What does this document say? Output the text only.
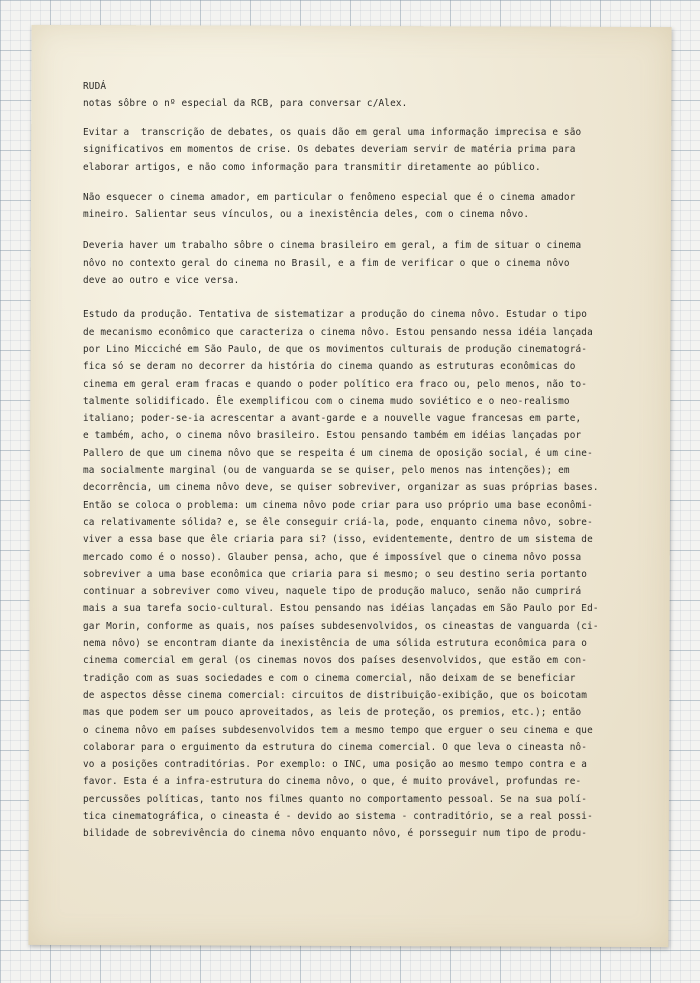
RUDÁ
notas sôbre o nº especial da RCB, para conversar c/Alex.
Evitar a  transcrição de debates, os quais dão em geral uma informação imprecisa e são
significativos em momentos de crise. Os debates deveriam servir de matéria prima para
elaborar artigos, e não como informação para transmitir diretamente ao público.
Não esquecer o cinema amador, em particular o fenômeno especial que é o cinema amador
mineiro. Salientar seus vínculos, ou a inexistência deles, com o cinema nôvo.
Deveria haver um trabalho sôbre o cinema brasileiro em geral, a fim de situar o cinema
nôvo no contexto geral do cinema no Brasil, e a fim de verificar o que o cinema nôvo
deve ao outro e vice versa.
Estudo da produção. Tentativa de sistematizar a produção do cinema nôvo. Estudar o tipo
de mecanismo econômico que caracteriza o cinema nôvo. Estou pensando nessa idéia lançada
por Lino Micciché em São Paulo, de que os movimentos culturais de produção cinematográ-
fica só se deram no decorrer da história do cinema quando as estruturas econômicas do
cinema em geral eram fracas e quando o poder político era fraco ou, pelo menos, não to-
talmente solidificado. Êle exemplificou com o cinema mudo soviético e o neo-realismo
italiano; poder-se-ia acrescentar a avant-garde e a nouvelle vague francesas em parte,
e também, acho, o cinema nôvo brasileiro. Estou pensando também em idéias lançadas por
Pallero de que um cinema nôvo que se respeita é um cinema de oposição social, é um cine-
ma socialmente marginal (ou de vanguarda se se quiser, pelo menos nas intenções); em
decorrência, um cinema nôvo deve, se quiser sobreviver, organizar as suas próprias bases.
Então se coloca o problema: um cinema nôvo pode criar para uso próprio uma base econômi-
ca relativamente sólida? e, se êle conseguir criá-la, pode, enquanto cinema nôvo, sobre-
viver a essa base que êle criaria para si? (isso, evidentemente, dentro de um sistema de
mercado como é o nosso). Glauber pensa, acho, que é impossível que o cinema nôvo possa
sobreviver a uma base econômica que criaria para si mesmo; o seu destino seria portanto
continuar a sobreviver como viveu, naquele tipo de produção maluco, senão não cumprirá
mais a sua tarefa socio-cultural. Estou pensando nas idéias lançadas em São Paulo por Ed-
gar Morin, conforme as quais, nos países subdesenvolvidos, os cineastas de vanguarda (ci-
nema nôvo) se encontram diante da inexistência de uma sólida estrutura econômica para o
cinema comercial em geral (os cinemas novos dos países desenvolvidos, que estão em con-
tradição com as suas sociedades e com o cinema comercial, não deixam de se beneficiar
de aspectos dêsse cinema comercial: circuitos de distribuição-exibição, que os boicotam
mas que podem ser um pouco aproveitados, as leis de proteção, os premios, etc.); então
o cinema nôvo em países subdesenvolvidos tem a mesmo tempo que erguer o seu cinema e que
colaborar para o erguimento da estrutura do cinema comercial. O que leva o cineasta nô-
vo a posições contraditórias. Por exemplo: o INC, uma posição ao mesmo tempo contra e a
favor. Esta é a infra-estrutura do cinema nôvo, o que, é muito provável, profundas re-
percussões políticas, tanto nos filmes quanto no comportamento pessoal. Se na sua polí-
tica cinematográfica, o cineasta é - devido ao sistema - contraditório, se a real possi-
bilidade de sobrevivência do cinema nôvo enquanto nôvo, é porsseguir num tipo de produ-
